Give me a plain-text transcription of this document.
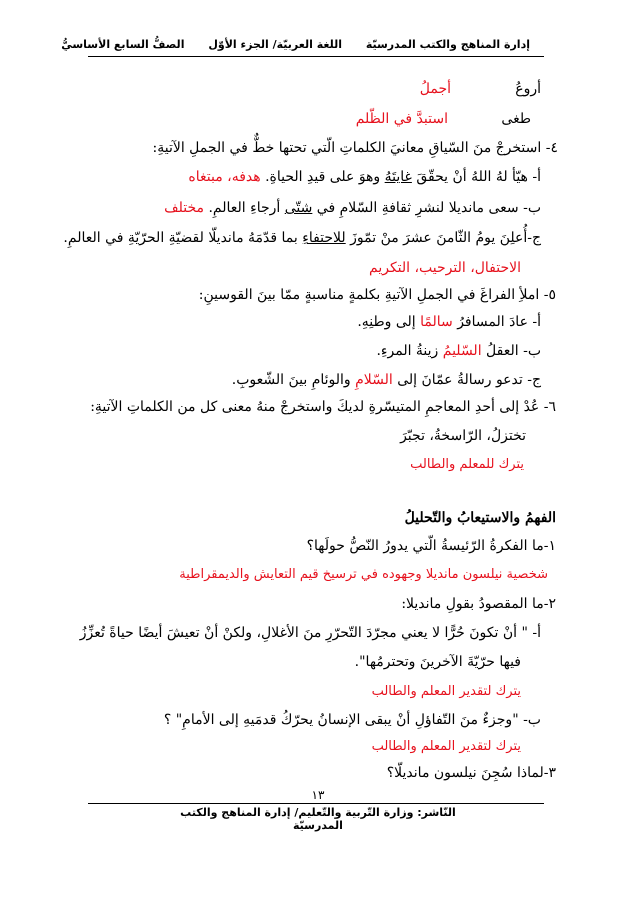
إدارة المناهج والكتب المدرسيّة اللغة العربيّة/ الجزء الأوّل الصفُّ السابع الأساسيُّ
أروعُ
أجملُ
طغى
استبدَّ في الظّلم
٤- استخرجْ منَ السّياقِ معانيَ الكلماتِ الّتي تحتها خطٌّ في الجملِ الآتيةِ:
أ- هيّأ لهُ اللهُ أنْ يحقّقَ غايتَهُ وهوَ على قيدِ الحياةِ. هدفه، مبتغاه
ب- سعى مانديلا لنشرِ ثقافةِ السّلامِ في شتّى أرجاءِ العالمِ. مختلف
ج-أُعلِنَ يومُ الثّامنَ عشرَ منْ تمّوزَ للاحتفاءِ بما قدّمَهُ مانديلّا لقضيّةِ الحرّيّةِ في العالمِ.
الاحتفال، الترحيب، التكريم
٥- املأِ الفراغَ في الجملِ الآتيةِ بكلمةٍ مناسبةٍ ممّا بينَ القوسينِ:
أ- عادَ المسافرُ سالمًا إلى وطنِهِ.
ب- العقلُ السّليمُ زينةُ المرءِ.
ج- تدعو رسالةُ عمّانَ إلى السّلامِ والوئامِ بينَ الشّعوبِ.
٦- عُدْ إلى أحدِ المعاجمِ المتيسّرةِ لديكَ واستخرجْ منهُ معنى كل من الكلماتِ الآتيةِ:
تختزلُ، الرّاسخةُ، تجبّرَ
يترك للمعلم والطالب
الفهمُ والاستيعابُ والتّحليلُ
١-ما الفكرةُ الرّئيسةُ الّتي يدورُ النّصُّ حولَها؟
شخصية نيلسون مانديلا وجهوده في ترسيخ قيم التعايش والديمقراطية
٢-ما المقصودُ بقولِ مانديلا:
أ- " أنْ تكونَ حُرًّا لا يعني مجرّدَ التّحرّرِ منَ الأغلالِ، ولكنْ أنْ تعيشَ أيضًا حياةً تُعزِّزُ
فيها حرّيّةَ الآخرينَ وتحترمُها".
يترك لتقدير المعلم والطالب
ب- "وجزءٌ منَ التّفاؤلِ أنْ يبقى الإنسانُ يحرّكُ قدمَيهِ إلى الأمامِ" ؟
يترك لتقدير المعلم والطالب
٣-لماذا سُجِنَ نيلسون مانديلّا؟
١٣
النّاشر: وزارة التّربية والتّعليم/ إدارة المناهج والكتب المدرسيّة
